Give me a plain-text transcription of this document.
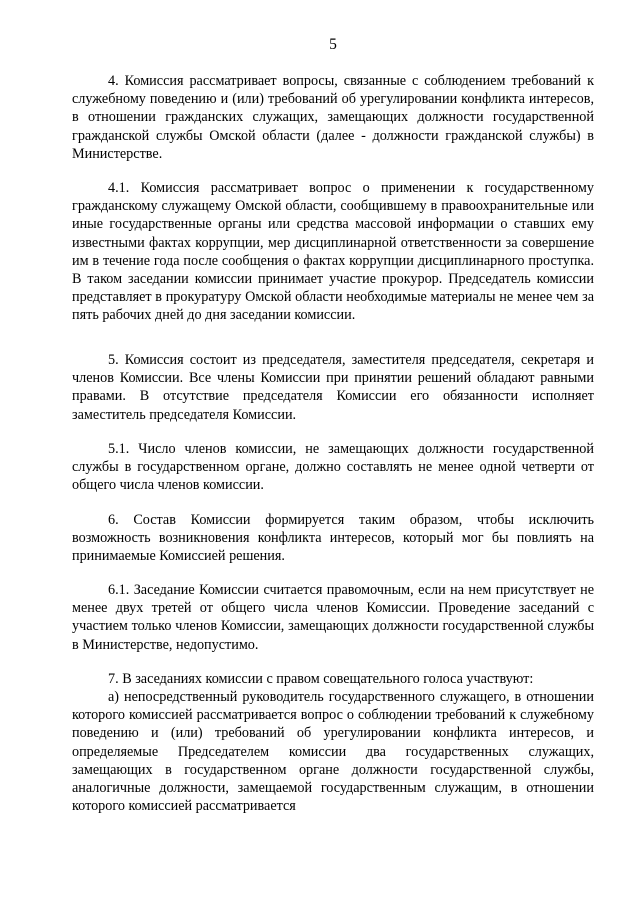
5

4. Комиссия рассматривает вопросы, связанные с соблюдением требований к служебному поведению и (или) требований об урегулировании конфликта интересов, в отношении гражданских служащих, замещающих должности государственной гражданской службы Омской области (далее - должности гражданской службы) в Министерстве.

4.1. Комиссия рассматривает вопрос о применении к государственному гражданскому служащему Омской области, сообщившему в правоохранительные или иные государственные органы или средства массовой информации о ставших ему известными фактах коррупции, мер дисциплинарной ответственности за совершение им в течение года после сообщения о фактах коррупции дисциплинарного проступка. В таком заседании комиссии принимает участие прокурор. Председатель комиссии представляет в прокуратуру Омской области необходимые материалы не менее чем за пять рабочих дней до дня заседании комиссии.

5. Комиссия состоит из председателя, заместителя председателя, секретаря и членов Комиссии. Все члены Комиссии при принятии решений обладают равными правами. В отсутствие председателя Комиссии его обязанности исполняет заместитель председателя Комиссии.

5.1. Число членов комиссии, не замещающих должности государственной службы в государственном органе, должно составлять не менее одной четверти от общего числа членов комиссии.

6. Состав Комиссии формируется таким образом, чтобы исключить возможность возникновения конфликта интересов, который мог бы повлиять на принимаемые Комиссией решения.

6.1. Заседание Комиссии считается правомочным, если на нем присутствует не менее двух третей от общего числа членов Комиссии. Проведение заседаний с участием только членов Комиссии, замещающих должности государственной службы в Министерстве, недопустимо.

7. В заседаниях комиссии с правом совещательного голоса участвуют:

а) непосредственный руководитель государственного служащего, в отношении которого комиссией рассматривается вопрос о соблюдении требований к служебному поведению и (или) требований об урегулировании конфликта интересов, и определяемые Председателем комиссии два государственных служащих, замещающих в государственном органе должности государственной службы, аналогичные должности, замещаемой государственным служащим, в отношении которого комиссией рассматривается
